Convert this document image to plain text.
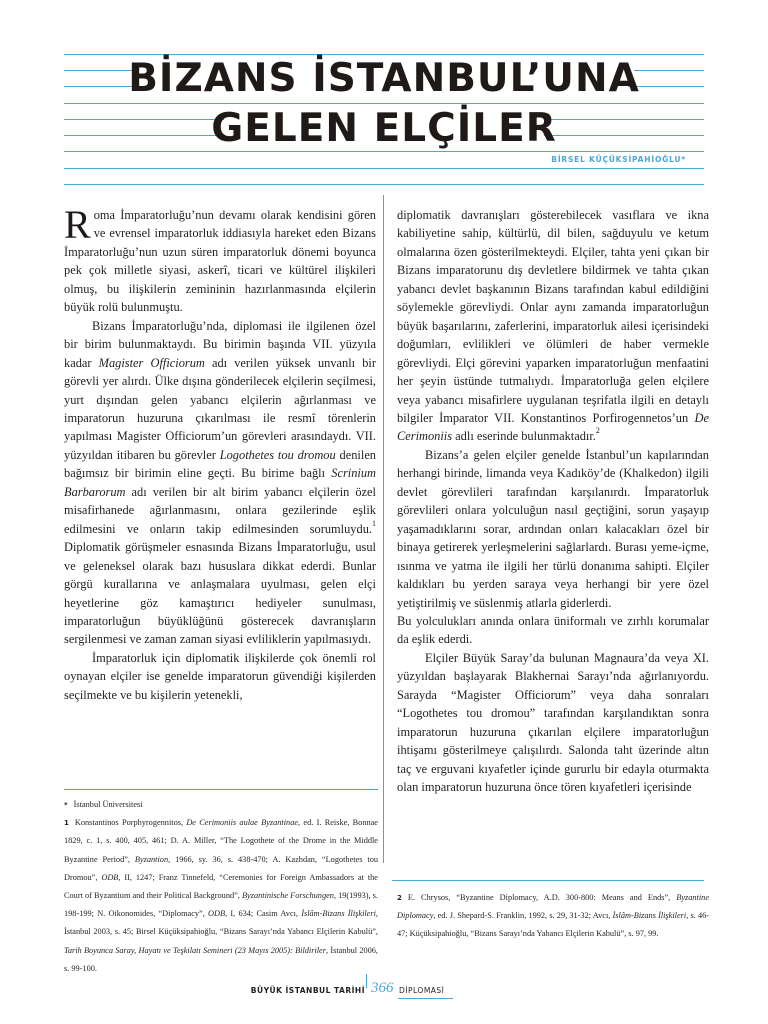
BİZANS İSTANBUL’UNA
GELEN ELÇİLER
BİRSEL KÜÇÜKSİPAHİOĞLU*

Roma İmparatorluğu’nun devamı olarak kendisini gören ve evrensel imparatorluk iddiasıyla hareket eden Bizans İmparatorluğu’nun uzun süren imparatorluk dönemi boyunca pek çok milletle siyasi, askerî, ticari ve kültürel ilişkileri olmuş, bu ilişkilerin zemininin hazırlanmasında elçilerin büyük rolü bulunmuştu.

Bizans İmparatorluğu’nda, diplomasi ile ilgilenen özel bir birim bulunmaktaydı. Bu birimin başında VII. yüzyıla kadar Magister Officiorum adı verilen yüksek unvanlı bir görevli yer alırdı. Ülke dışına gönderilecek elçilerin seçilmesi, yurt dışından gelen yabancı elçilerin ağırlanması ve imparatorun huzuruna çıkarılması ile resmî törenlerin yapılması Magister Officiorum’un görevleri arasındaydı. VII. yüzyıldan itibaren bu görevler Logothetes tou dromou denilen bağımsız bir birimin eline geçti. Bu birime bağlı Scrinium Barbarorum adı verilen bir alt birim yabancı elçilerin özel misafirhanede ağırlanmasını, onlara gezilerinde eşlik edilmesini ve onların takip edilmesinden sorumluydu.$^1$ Diplomatik görüşmeler esnasında Bizans İmparatorluğu, usul ve geleneksel olarak bazı hususlara dikkat ederdi. Bunlar görgü kurallarına ve anlaşmalara uyulması, gelen elçi heyetlerine göz kamaştırıcı hediyeler sunulması, imparatorluğun büyüklüğünü gösterecek davranışların sergilenmesi ve zaman zaman siyasi evliliklerin yapılmasıydı.

İmparatorluk için diplomatik ilişkilerde çok önemli rol oynayan elçiler ise genelde imparatorun güvendiği kişilerden seçilmekte ve bu kişilerin yetenekli,

diplomatik davranışları gösterebilecek vasıflara ve ikna kabiliyetine sahip, kültürlü, dil bilen, sağduyulu ve ketum olmalarına özen gösterilmekteydi. Elçiler, tahta yeni çıkan bir Bizans imparatorunu dış devletlere bildirmek ve tahta çıkan yabancı devlet başkanının Bizans tarafından kabul edildiğini söylemekle görevliydi. Onlar aynı zamanda imparatorluğun büyük başarılarını, zaferlerini, imparatorluk ailesi içerisindeki doğumları, evlilikleri ve ölümleri de haber vermekle görevliydi. Elçi görevini yaparken imparatorluğun menfaatini her şeyin üstünde tutmalıydı. İmparatorluğa gelen elçilere veya yabancı misafirlere uygulanan teşrifatla ilgili en detaylı bilgiler İmparator VII. Konstantinos Porfirogennetos’un De Cerimoniis adlı eserinde bulunmaktadır.$^2$

Bizans’a gelen elçiler genelde İstanbul’un kapılarından herhangi birinde, limanda veya Kadıköy’de (Khalkedon) ilgili devlet görevlileri tarafından karşılanırdı. İmparatorluk görevlileri onlara yolculuğun nasıl geçtiğini, sorun yaşayıp yaşamadıklarını sorar, ardından onları kalacakları özel bir binaya getirerek yerleşmelerini sağlarlardı. Burası yeme-içme, ısınma ve yatma ile ilgili her türlü donanıma sahipti. Elçiler kaldıkları bu yerden saraya veya herhangi bir yere özel yetiştirilmiş ve süslenmiş atlarla giderlerdi.

Bu yolculukları anında onlara üniformalı ve zırhlı korumalar da eşlik ederdi.

Elçiler Büyük Saray’da bulunan Magnaura’da veya XI. yüzyıldan başlayarak Blakhernai Sarayı’nda ağırlanıyordu. Sarayda “Magister Officiorum” veya daha sonraları “Logothetes tou dromou” tarafından karşılandıktan sonra imparatorun huzuruna çıkarılan elçilere imparatorluğun ihtişamı gösterilmeye çalışılırdı. Salonda taht üzerinde altın taç ve erguvani kıyafetler içinde gururlu bir edayla oturmakta olan imparatorun huzuruna önce tören kıyafetleri içerisinde

* İstanbul Üniversitesi

1 Konstantinos Porphyrogennitos, De Cerimoniis aulae Byzantinae, ed. I. Reiske, Bonnae 1829, c. 1, s. 400, 405, 461; D. A. Miller, “The Logothete of the Drome in the Middle Byzantine Period”, Byzantion, 1966, sy. 36, s. 438-470; A. Kazhdan, “Logothetes tou Dromou”, ODB, II, 1247; Franz Tinnefeld, “Ceremonies for Foreign Ambassadors at the Court of Byzantium and their Political Background”, Byzantinische Forschungen, 19(1993), s. 198-199; N. Oikonomides, “Diplomacy”, ODB, I, 634; Casim Avcı, İslâm-Bizans İlişkileri, İstanbul 2003, s. 45; Birsel Küçüksipahioğlu, “Bizans Sarayı’nda Yabancı Elçilerin Kabulü”, Tarih Boyunca Saray, Hayatı ve Teşkilatı Semineri (23 Mayıs 2005): Bildiriler, İstanbul 2006, s. 99-100.

2 E. Chrysos, “Byzantine Diplomacy, A.D. 300-800: Means and Ends”, Byzantine Diplomacy, ed. J. Shepard-S. Franklin, 1992, s. 29, 31-32; Avcı, İslâm-Bizans İlişkileri, s. 46-47; Küçüksipahioğlu, “Bizans Sarayı’nda Yabancı Elçilerin Kabulü”, s. 97, 99.

BÜYÜK İSTANBUL TARİHİ 366 DİPLOMASİ
